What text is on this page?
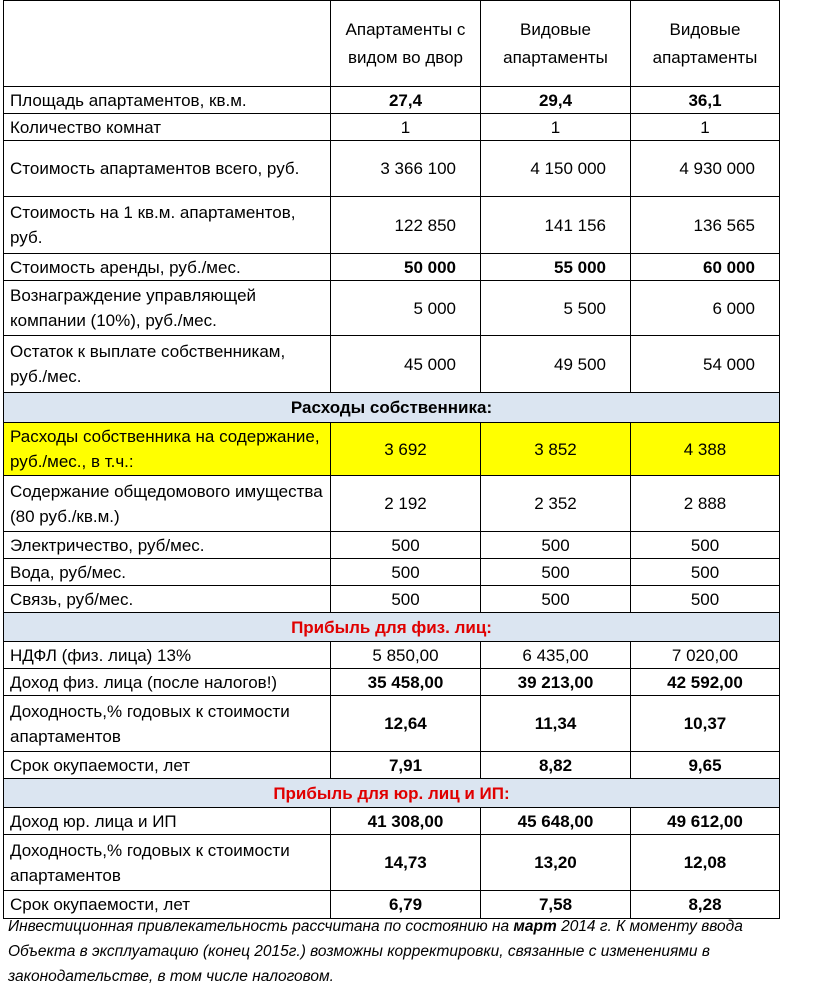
	Апартаменты с видом во двор	Видовые апартаменты	Видовые апартаменты
Площадь апартаментов, кв.м.	27,4	29,4	36,1
Количество комнат	1	1	1
Стоимость апартаментов всего, руб.	3 366 100	4 150 000	4 930 000
Стоимость на 1 кв.м. апартаментов, руб.	122 850	141 156	136 565
Стоимость аренды, руб./мес.	50 000	55 000	60 000
Вознаграждение управляющей компании (10%), руб./мес.	5 000	5 500	6 000
Остаток к выплате собственникам, руб./мес.	45 000	49 500	54 000
Расходы собственника:			
Расходы собственника на содержание, руб./мес., в т.ч.:	3 692	3 852	4 388
Содержание общедомового имущества (80 руб./кв.м.)	2 192	2 352	2 888
Электричество, руб/мес.	500	500	500
Вода, руб/мес.	500	500	500
Связь, руб/мес.	500	500	500
Прибыль для физ. лиц:			
НДФЛ (физ. лица) 13%	5 850,00	6 435,00	7 020,00
Доход физ. лица (после налогов!)	35 458,00	39 213,00	42 592,00
Доходность,% годовых к стоимости апартаментов	12,64	11,34	10,37
Срок окупаемости, лет	7,91	8,82	9,65
Прибыль для юр. лиц и ИП:			
Доход юр. лица и ИП	41 308,00	45 648,00	49 612,00
Доходность,% годовых к стоимости апартаментов	14,73	13,20	12,08
Срок окупаемости, лет	6,79	7,58	8,28
Инвестиционная привлекательность рассчитана по состоянию на март 2014 г. К моменту ввода Объекта в эксплуатацию (конец 2015г.) возможны корректировки, связанные с изменениями в законодательстве, в том числе налоговом.
